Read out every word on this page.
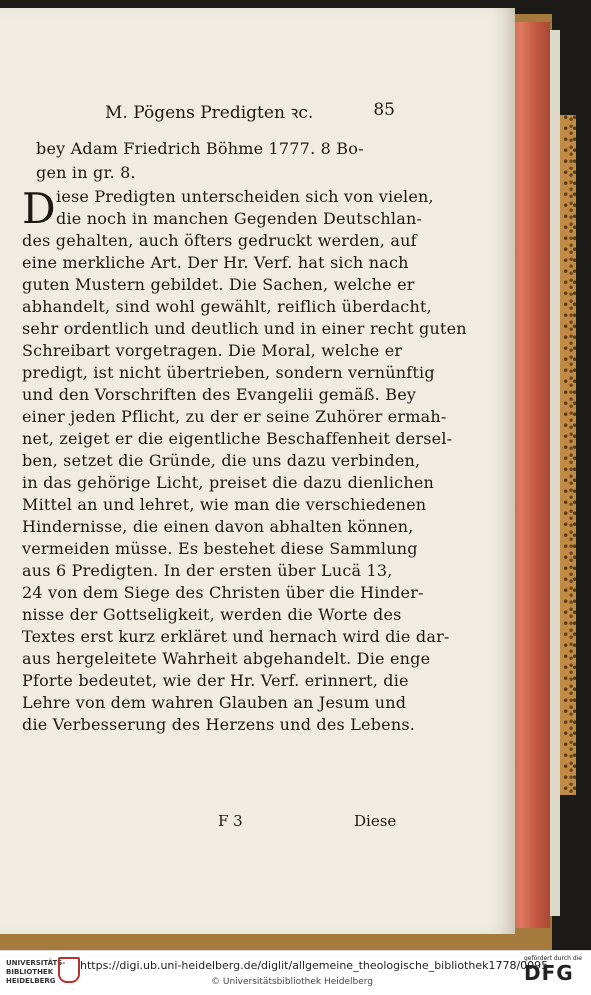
M. Pögens Predigten ꝛc.	85
bey Adam Friedrich Böhme 1777. 8 Bo-
gen in gr. 8.
D iese Predigten unterscheiden sich von vielen,
die noch in manchen Gegenden Deutschlan-
des gehalten, auch öfters gedruckt werden, auf
eine merkliche Art. Der Hr. Verf. hat sich nach
guten Mustern gebildet. Die Sachen, welche er
abhandelt, sind wohl gewählt, reiflich überdacht,
sehr ordentlich und deutlich und in einer recht guten
Schreibart vorgetragen. Die Moral, welche er
predigt, ist nicht übertrieben, sondern vernünftig
und den Vorschriften des Evangelii gemäß. Bey
einer jeden Pflicht, zu der er seine Zuhörer ermah-
net, zeiget er die eigentliche Beschaffenheit dersel-
ben, setzet die Gründe, die uns dazu verbinden,
in das gehörige Licht, preiset die dazu dienlichen
Mittel an und lehret, wie man die verschiedenen
Hindernisse, die einen davon abhalten können,
vermeiden müsse. Es bestehet diese Sammlung
aus 6 Predigten. In der ersten über Lucä 13,
24 von dem Siege des Christen über die Hinder-
nisse der Gottseligkeit, werden die Worte des
Textes erst kurz erkläret und hernach wird die dar-
aus hergeleitete Wahrheit abgehandelt. Die enge
Pforte bedeutet, wie der Hr. Verf. erinnert, die
Lehre von dem wahren Glauben an Jesum und
die Verbesserung des Herzens und des Lebens.
F 3	Diese
UNIVERSITÄTS-
BIBLIOTHEK
HEIDELBERG
https://digi.ub.uni-heidelberg.de/diglit/allgemeine_theologische_bibliothek1778/0095
© Universitätsbibliothek Heidelberg
gefördert durch die
DFG
